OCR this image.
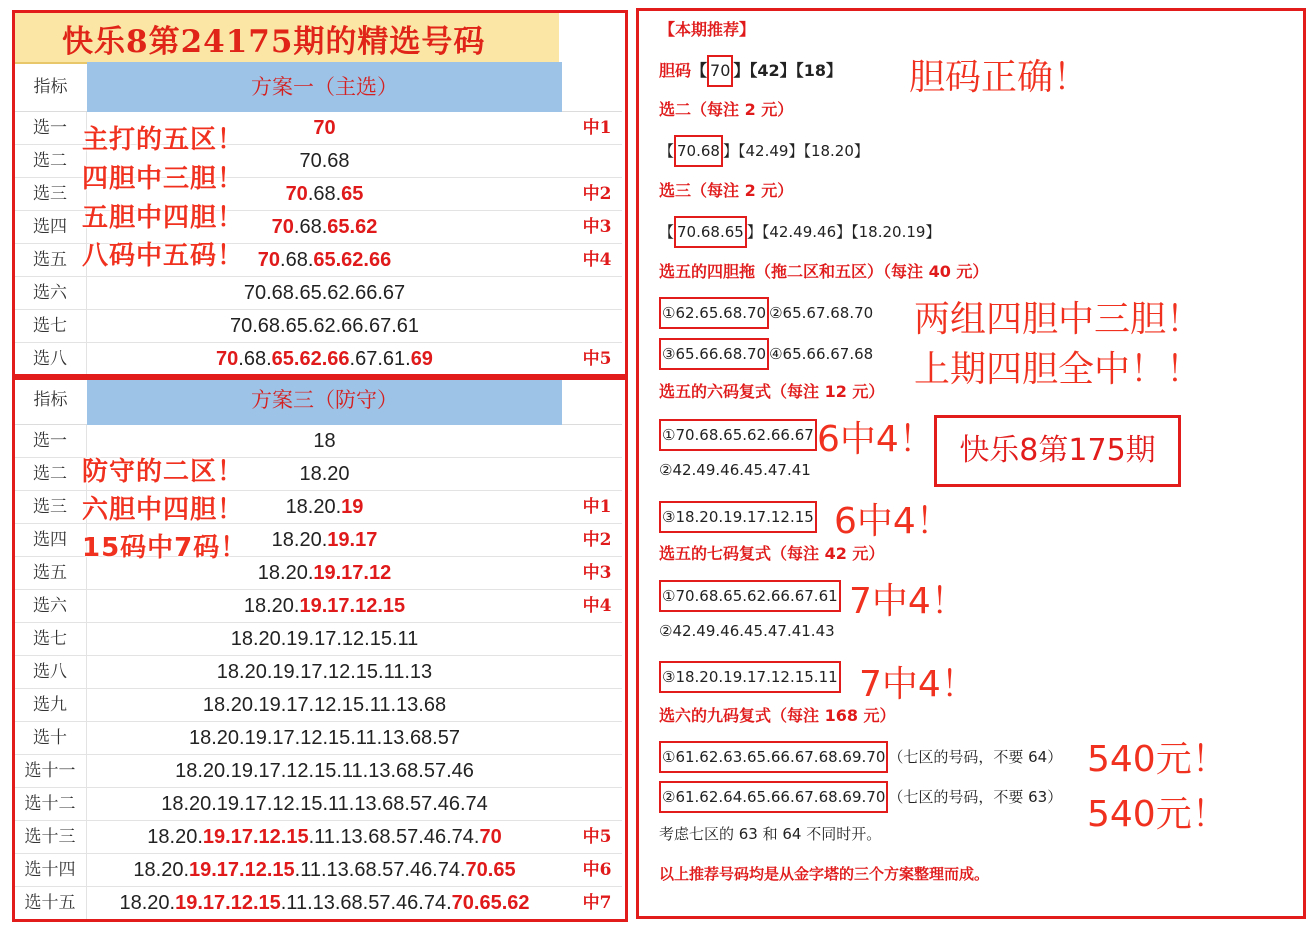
快乐8第24175期的精选号码
指标	方案一（主选）
选一	70	中1
选二	70.68
选三	70.68.65	中2
选四	70.68.65.62	中3
选五	70.68.65.62.66	中4
选六	70.68.65.62.66.67
选七	70.68.65.62.66.67.61
选八	70.68.65.62.66.67.61.69	中5
指标	方案三（防守）
选一	18
选二	18.20
选三	18.20.19	中1
选四	18.20.19.17	中2
选五	18.20.19.17.12	中3
选六	18.20.19.17.12.15	中4
选七	18.20.19.17.12.15.11
选八	18.20.19.17.12.15.11.13
选九	18.20.19.17.12.15.11.13.68
选十	18.20.19.17.12.15.11.13.68.57
选十一	18.20.19.17.12.15.11.13.68.57.46
选十二	18.20.19.17.12.15.11.13.68.57.46.74
选十三	18.20.19.17.12.15.11.13.68.57.46.74.70	中5
选十四	18.20.19.17.12.15.11.13.68.57.46.74.70.65	中6
选十五	18.20.19.17.12.15.11.13.68.57.46.74.70.65.62	中7
主打的五区！
四胆中三胆！
五胆中四胆！
八码中五码！
防守的二区！
六胆中四胆！
15码中7码！
【本期推荐】
胆码【 70 】【42】【18】 胆码正确！
选二（每注 2 元）
【 70.68 】【42.49】【18.20】
选三（每注 2 元）
【 70.68.65 】【42.49.46】【18.20.19】
选五的四胆拖（拖二区和五区）（每注 40 元）
①62.65.68.70 ②65.67.68.70
③65.66.68.70 ④65.66.67.68
两组四胆中三胆！
上期四胆全中！！
选五的六码复式（每注 12 元）
①70.68.65.62.66.67 6中4！ 快乐8第175期
②42.49.46.45.47.41
③18.20.19.17.12.15 6中4！
选五的七码复式（每注 42 元）
①70.68.65.62.66.67.61 7中4！
②42.49.46.45.47.41.43
③18.20.19.17.12.15.11 7中4！
选六的九码复式（每注 168 元）
①61.62.63.65.66.67.68.69.70 （七区的号码，不要 64） 540元！
②61.62.64.65.66.67.68.69.70 （七区的号码，不要 63） 540元！
考虑七区的 63 和 64 不同时开。
以上推荐号码均是从金字塔的三个方案整理而成。
